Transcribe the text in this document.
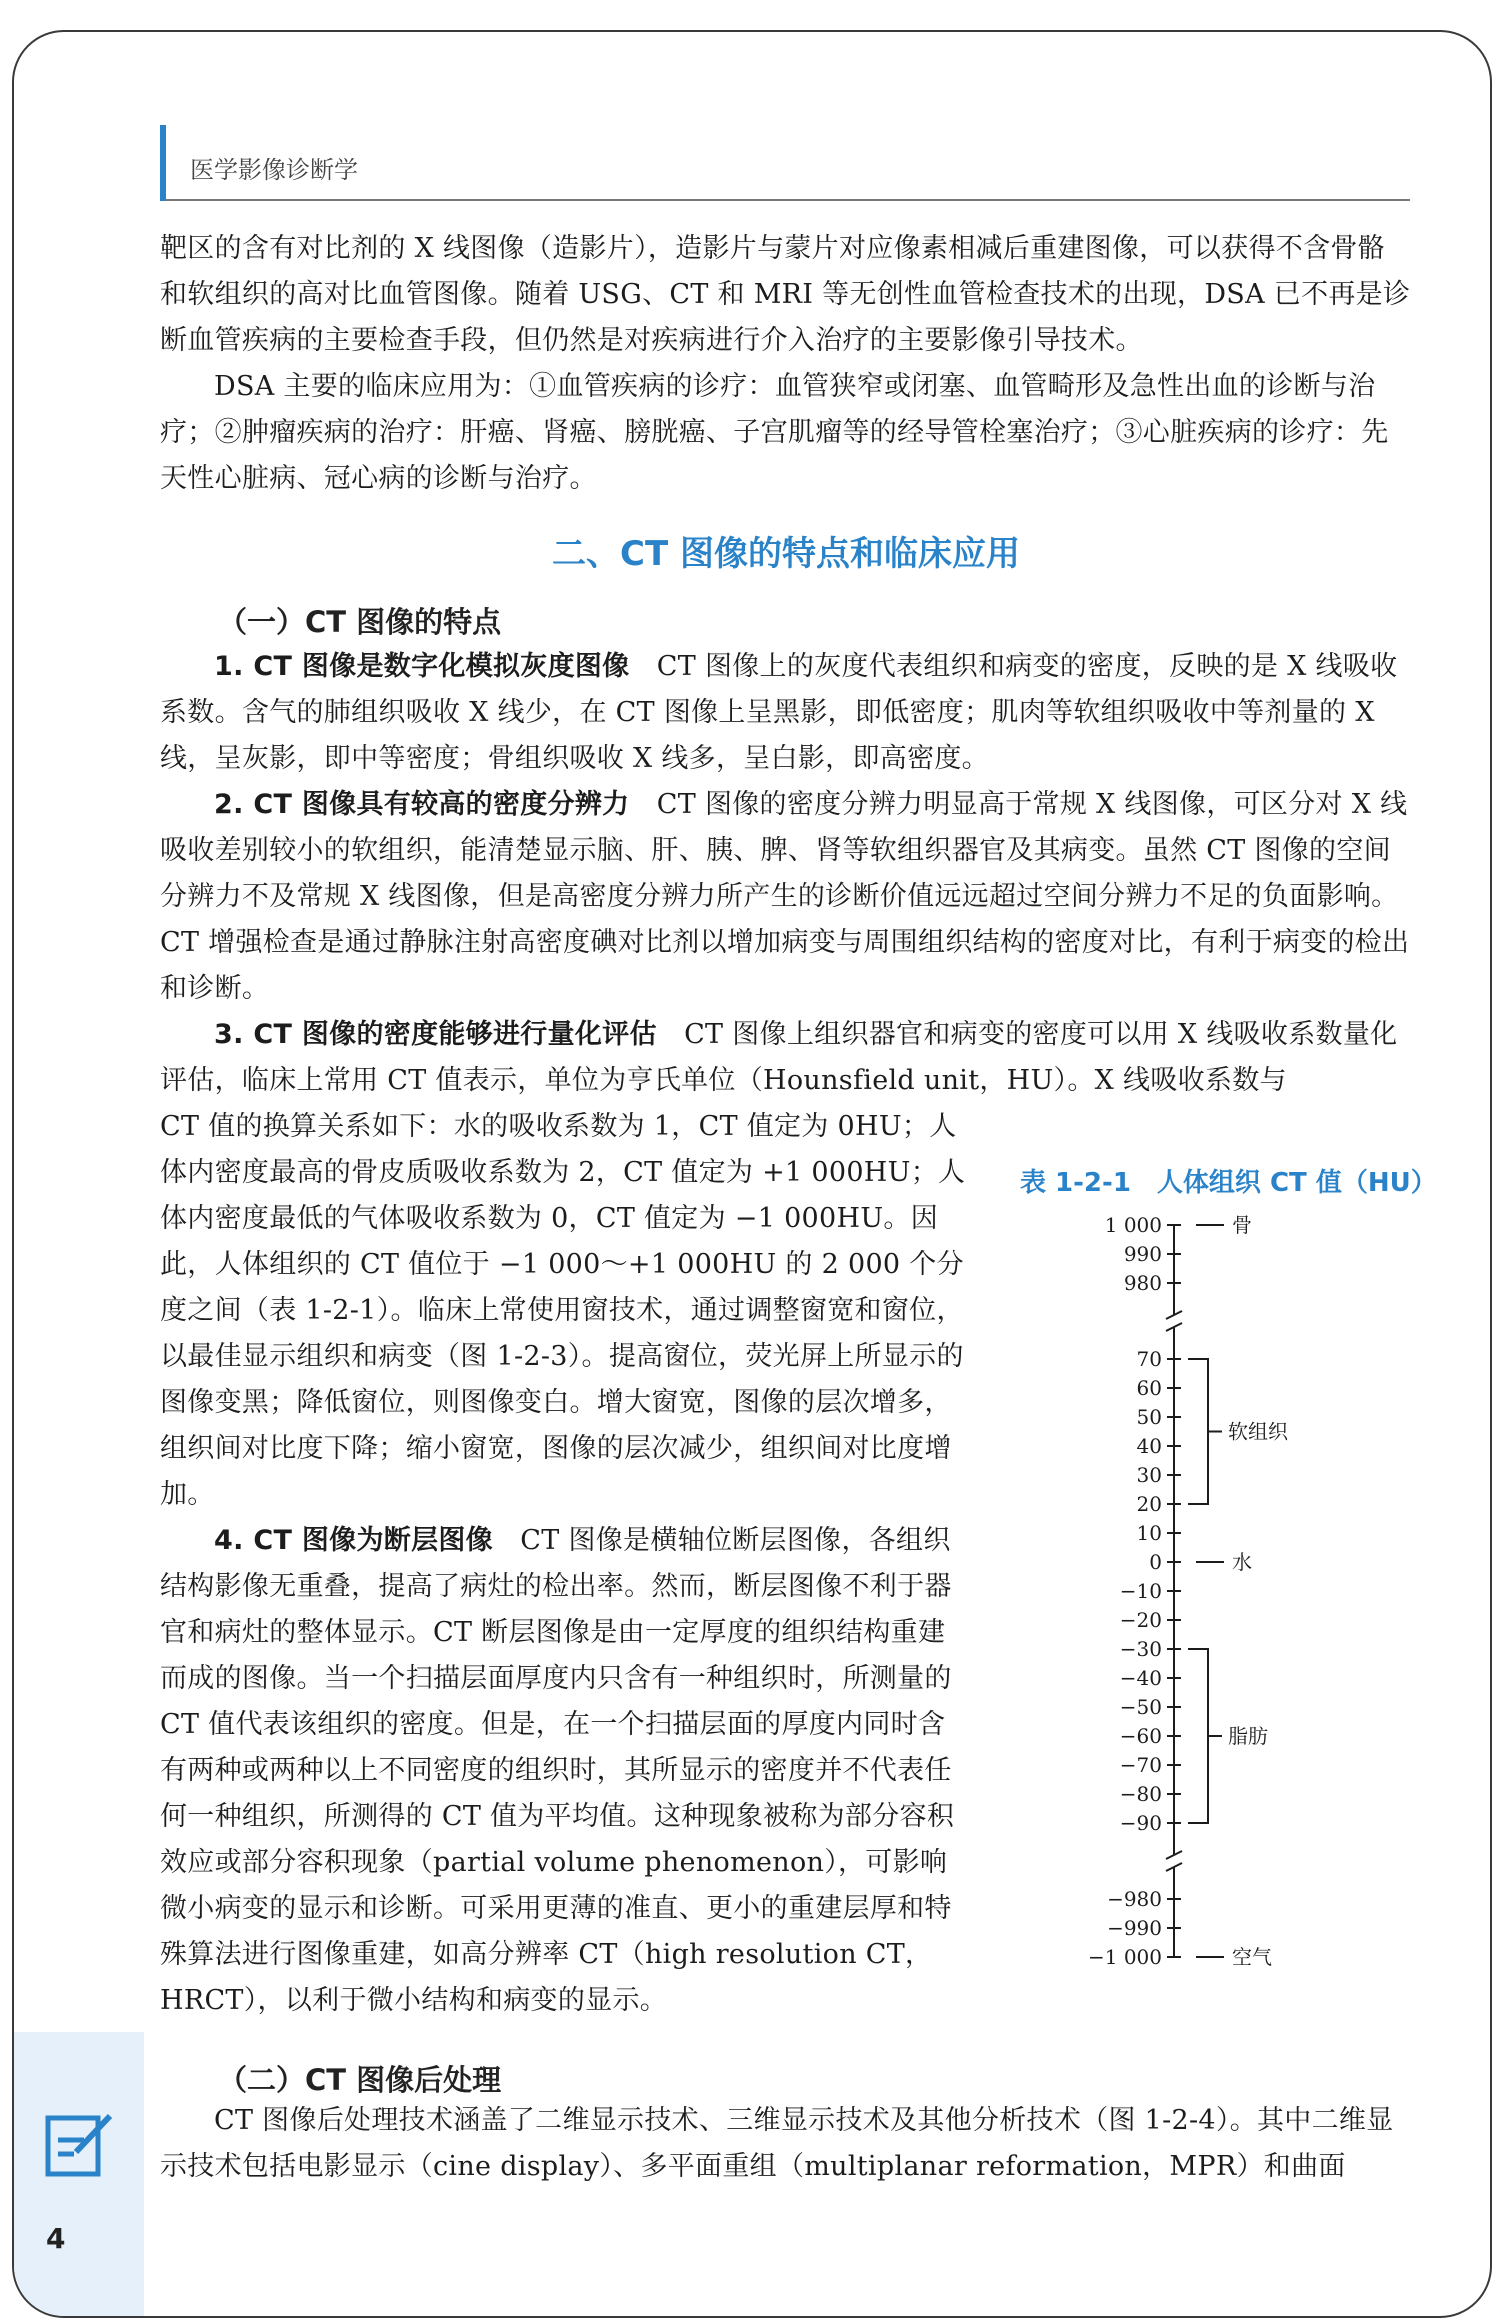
4
医学影像诊断学

靶区的含有对比剂的 X 线图像（造影片），造影片与蒙片对应像素相减后重建图像，可以获得不含骨骼和软组织的高对比血管图像。随着 USG、CT 和 MRI 等无创性血管检查技术的出现，DSA 已不再是诊断血管疾病的主要检查手段，但仍然是对疾病进行介入治疗的主要影像引导技术。

DSA 主要的临床应用为：①血管疾病的诊疗：血管狭窄或闭塞、血管畸形及急性出血的诊断与治疗；②肿瘤疾病的治疗：肝癌、肾癌、膀胱癌、子宫肌瘤等的经导管栓塞治疗；③心脏疾病的诊疗：先天性心脏病、冠心病的诊断与治疗。

二、CT 图像的特点和临床应用
（一）CT 图像的特点

1. CT 图像是数字化模拟灰度图像　 CT 图像上的灰度代表组织和病变的密度，反映的是 X 线吸收系数。含气的肺组织吸收 X 线少，在 CT 图像上呈黑影，即低密度；肌肉等软组织吸收中等剂量的 X 线，呈灰影，即中等密度；骨组织吸收 X 线多，呈白影，即高密度。

2. CT 图像具有较高的密度分辨力　 CT 图像的密度分辨力明显高于常规 X 线图像，可区分对 X 线吸收差别较小的软组织，能清楚显示脑、肝、胰、脾、肾等软组织器官及其病变。虽然 CT 图像的空间分辨力不及常规 X 线图像，但是高密度分辨力所产生的诊断价值远远超过空间分辨力不足的负面影响。CT 增强检查是通过静脉注射高密度碘对比剂以增加病变与周围组织结构的密度对比，有利于病变的检出和诊断。

3. CT 图像的密度能够进行量化评估　 CT 图像上组织器官和病变的密度可以用 X 线吸收系数量化评估，临床上常用 CT 值表示，单位为亨氏单位（Hounsfield unit，HU）。X 线吸收系数与

CT 值的换算关系如下：水的吸收系数为 1，CT 值定为 0HU；人体内密度最高的骨皮质吸收系数为 2，CT 值定为 +1 000HU；人体内密度最低的气体吸收系数为 0，CT 值定为 −1 000HU。因此，人体组织的 CT 值位于 −1 000～+1 000HU 的 2 000 个分度之间（表 1-2-1）。临床上常使用窗技术，通过调整窗宽和窗位，以最佳显示组织和病变（图 1-2-3）。提高窗位，荧光屏上所显示的图像变黑；降低窗位，则图像变白。增大窗宽，图像的层次增多，组织间对比度下降；缩小窗宽，图像的层次减少，组织间对比度增加。

4. CT 图像为断层图像　 CT 图像是横轴位断层图像，各组织结构影像无重叠，提高了病灶的检出率。然而，断层图像不利于器官和病灶的整体显示。CT 断层图像是由一定厚度的组织结构重建而成的图像。当一个扫描层面厚度内只含有一种组织时，所测量的 CT 值代表该组织的密度。但是，在一个扫描层面的厚度内同时含有两种或两种以上不同密度的组织时，其所显示的密度并不代表任何一种组织，所测得的 CT 值为平均值。这种现象被称为部分容积效应或部分容积现象（partial volume phenomenon），可影响微小病变的显示和诊断。可采用更薄的准直、更小的重建层厚和特殊算法进行图像重建，如高分辨率 CT（high resolution CT，HRCT），以利于微小结构和病变的显示。

（二）CT 图像后处理

CT 图像后处理技术涵盖了二维显示技术、三维显示技术及其他分析技术（图 1-2-4）。其中二维显示技术包括电影显示（cine display）、多平面重组（multiplanar reformation，MPR）和曲面

表 1-2-1　人体组织 CT 值（HU）
1 000
990
980
70
60
50
40
30
20
10
0
−10
−20
−30
−40
−50
−60
−70
−80
−90
−980
−990
−1 000
骨
软组织
水
脂肪
空气
